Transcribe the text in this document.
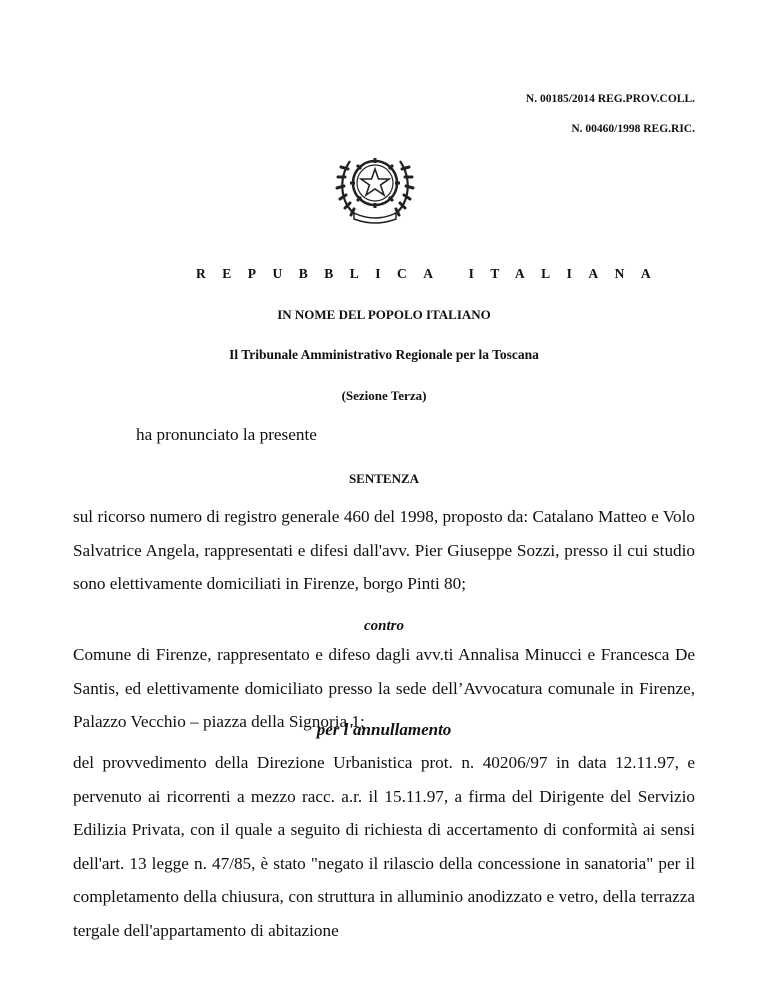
N. 00185/2014 REG.PROV.COLL.
N. 00460/1998 REG.RIC.
REPUBBLICA ITALIANA
IN NOME DEL POPOLO ITALIANO
Il Tribunale Amministrativo Regionale per la Toscana
(Sezione Terza)
ha pronunciato la presente
SENTENZA
sul ricorso numero di registro generale 460 del 1998, proposto da: Catalano Matteo e Volo Salvatrice Angela, rappresentati e difesi dall'avv. Pier Giuseppe Sozzi, presso il cui studio sono elettivamente domiciliati in Firenze, borgo Pinti 80;
contro
Comune di Firenze, rappresentato e difeso dagli avv.ti Annalisa Minucci e Francesca De Santis, ed elettivamente domiciliato presso la sede dell’Avvocatura comunale in Firenze, Palazzo Vecchio – piazza della Signoria 1;
per l'annullamento
del provvedimento della Direzione Urbanistica prot. n. 40206/97 in data 12.11.97, e pervenuto ai ricorrenti a mezzo racc. a.r. il 15.11.97, a firma del Dirigente del Servizio Edilizia Privata, con il quale a seguito di richiesta di accertamento di conformità ai sensi dell'art. 13 legge n. 47/85, è stato "negato il rilascio della concessione in sanatoria" per il completamento della chiusura, con struttura in alluminio anodizzato e vetro, della terrazza tergale dell'appartamento di abitazione
